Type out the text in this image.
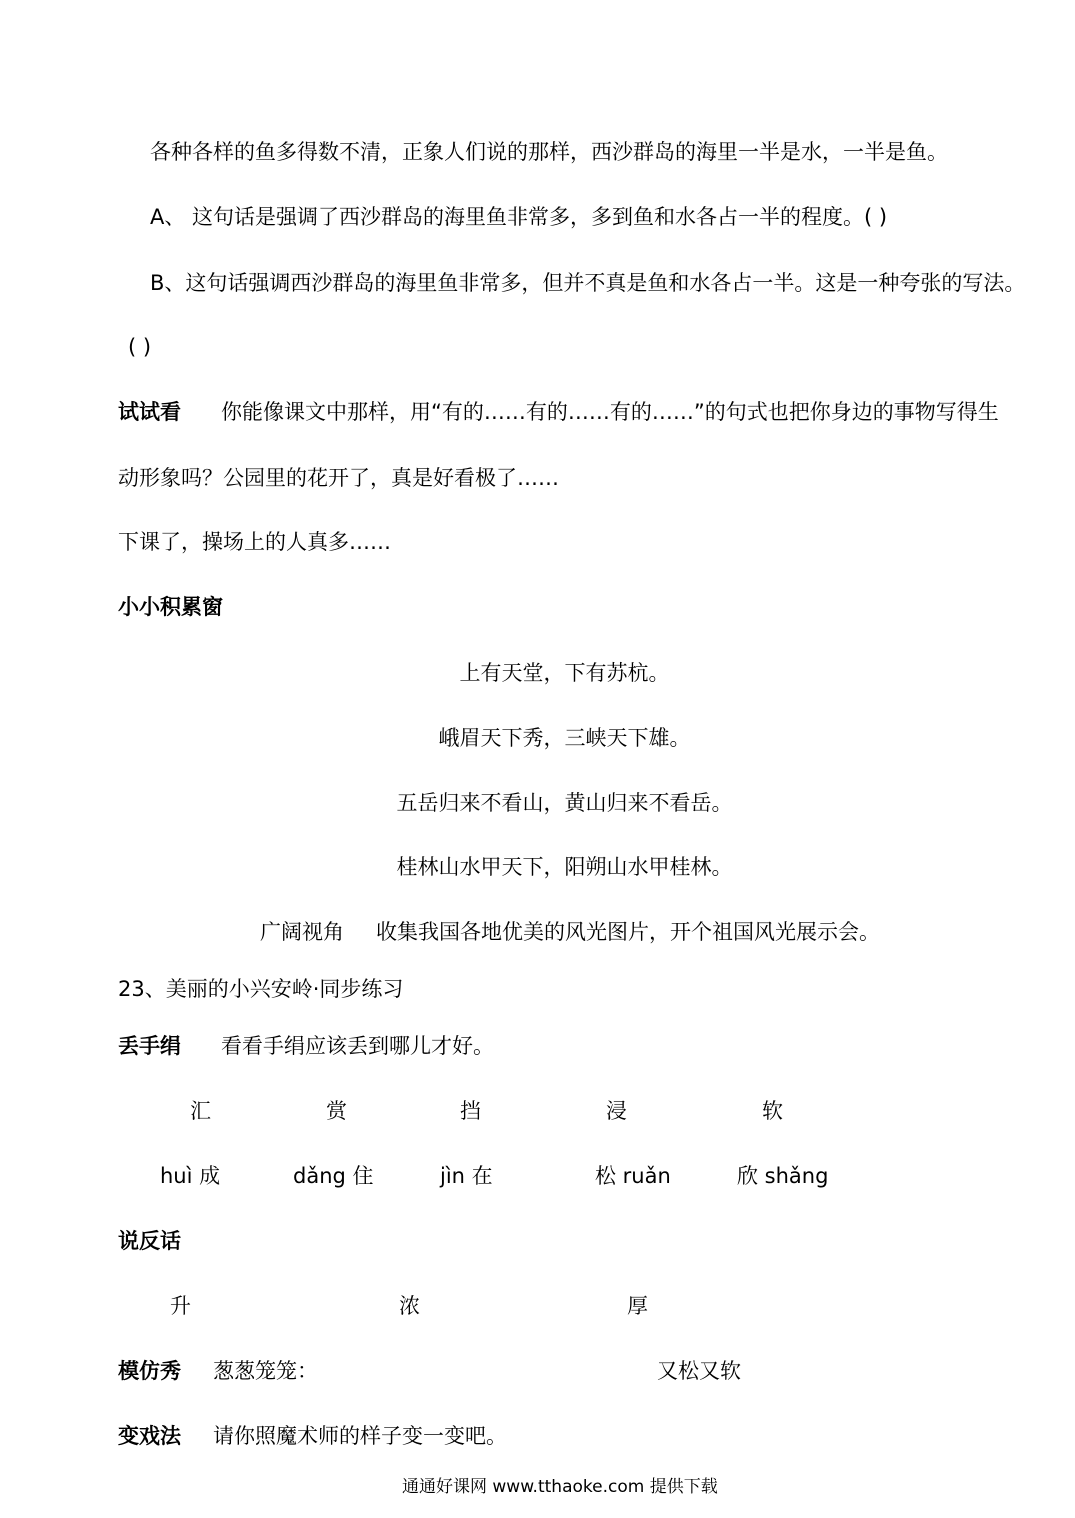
各种各样的鱼多得数不清，正象人们说的那样，西沙群岛的海里一半是水，一半是鱼。
A、 这句话是强调了西沙群岛的海里鱼非常多，多到鱼和水各占一半的程度。( )
B、这句话强调西沙群岛的海里鱼非常多，但并不真是鱼和水各占一半。这是一种夸张的写法。
( )
试试看 你能像课文中那样，用“有的……有的……有的……”的句式也把你身边的事物写得生
动形象吗？公园里的花开了，真是好看极了……
下课了，操场上的人真多……
小小积累窗
上有天堂，下有苏杭。
峨眉天下秀，三峡天下雄。
五岳归来不看山，黄山归来不看岳。
桂林山水甲天下，阳朔山水甲桂林。
广阔视角 收集我国各地优美的风光图片，开个祖国风光展示会。
23、美丽的小兴安岭·同步练习
丢手绢 看看手绢应该丢到哪儿才好。
汇	赏	挡	浸	软
huì 成	dǎng 住	jìn 在	松 ruǎn	欣 shǎng
说反话
升	浓	厚
模仿秀 葱葱笼笼：	又松又软
变戏法 请你照魔术师的样子变一变吧。
通通好课网 www.tthaoke.com 提供下载
